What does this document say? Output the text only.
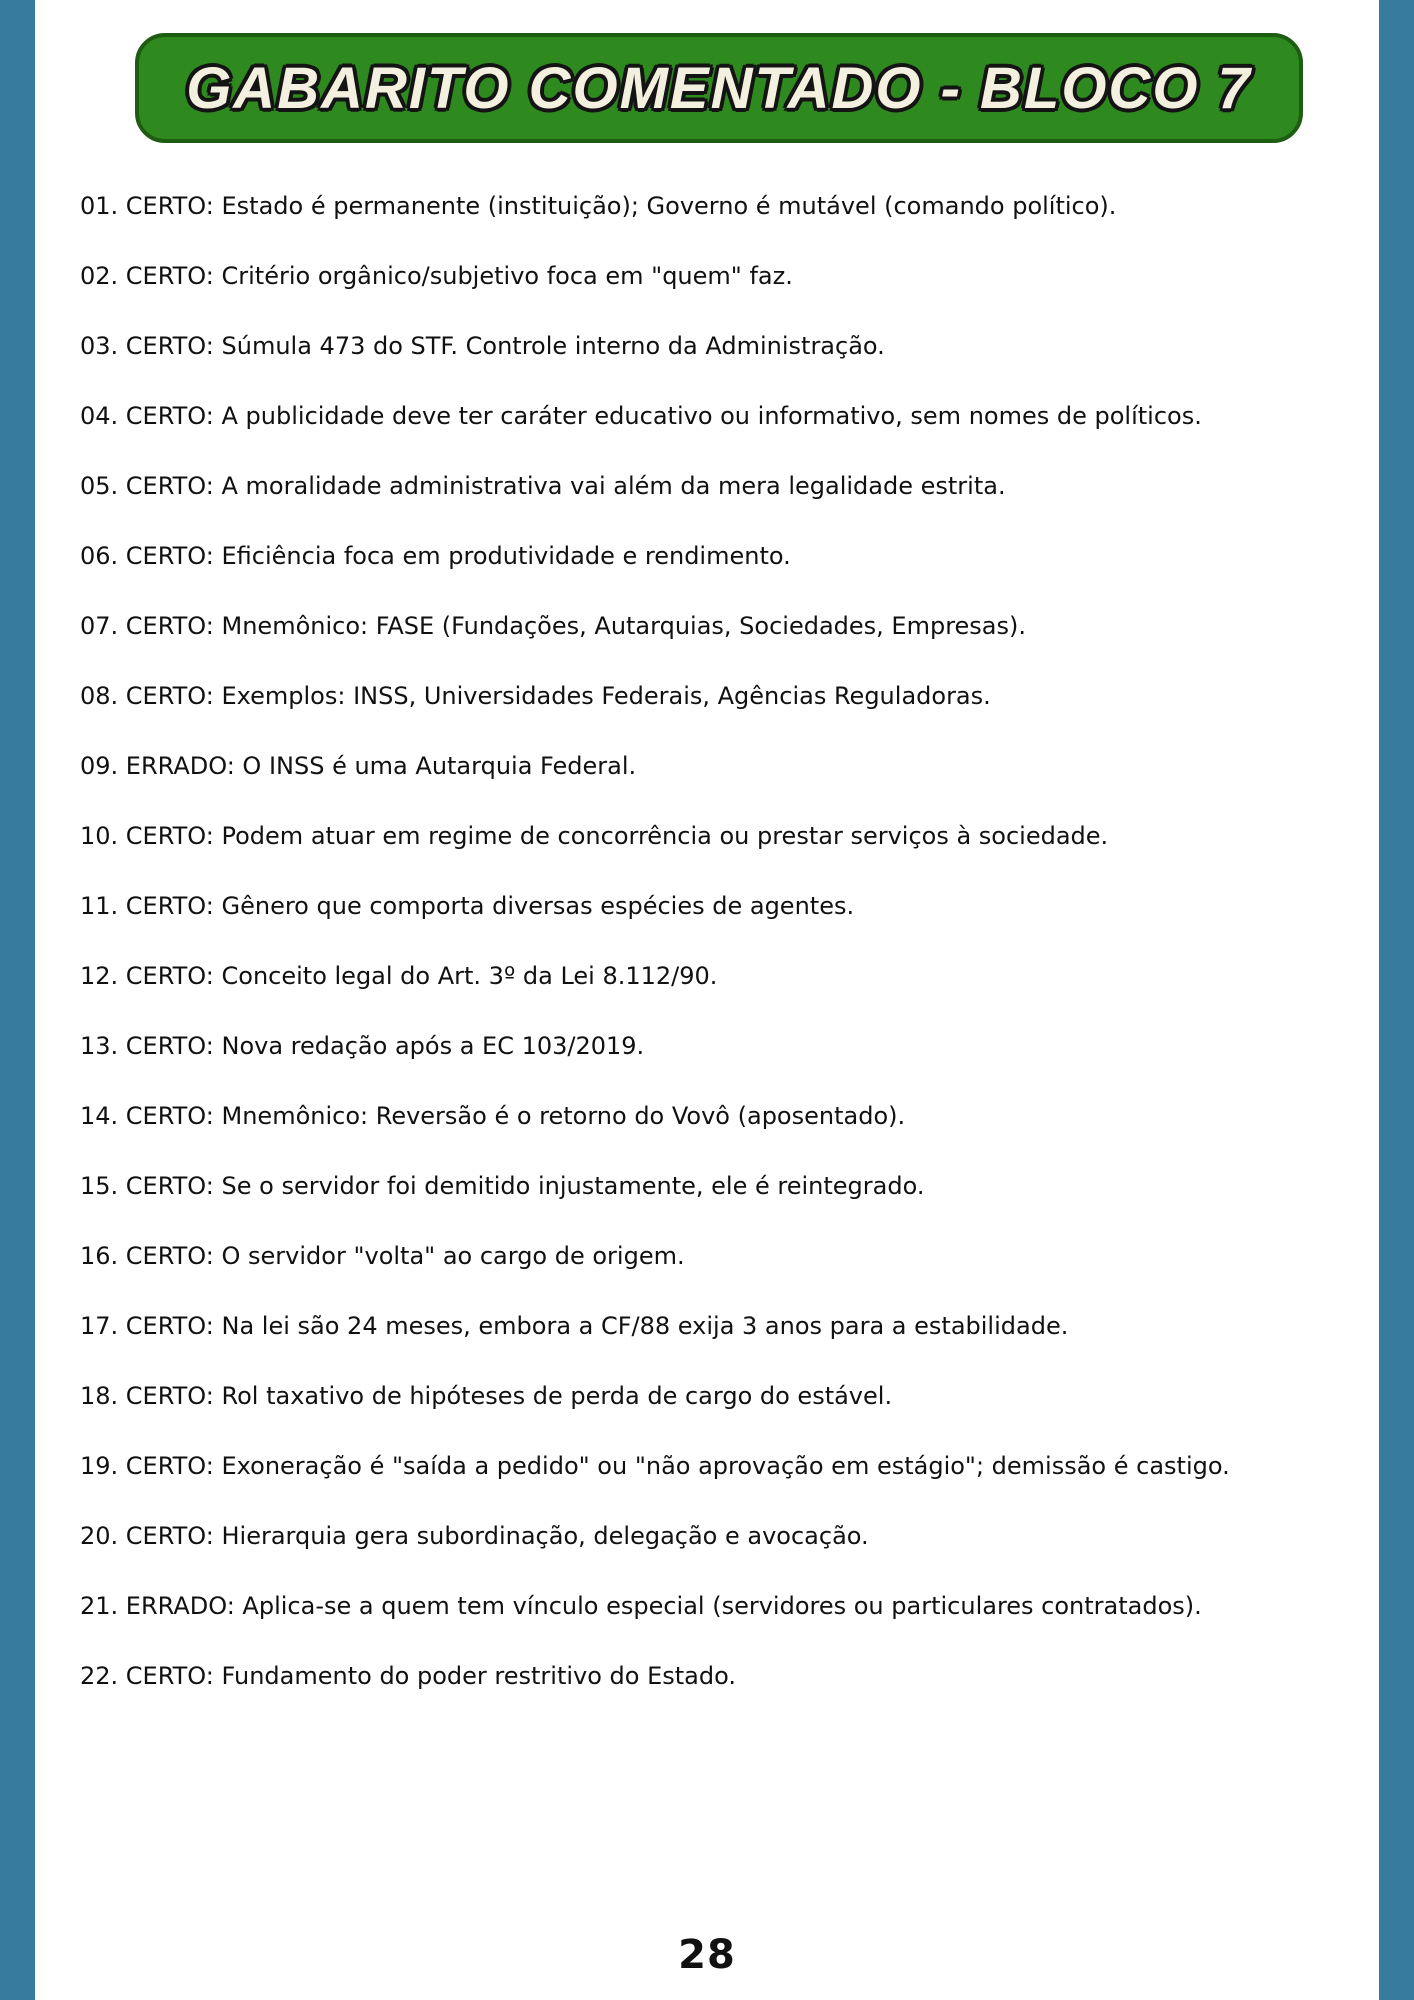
GABARITO COMENTADO - BLOCO 7

01. CERTO: Estado é permanente (instituição); Governo é mutável (comando político).

02. CERTO: Critério orgânico/subjetivo foca em "quem" faz.

03. CERTO: Súmula 473 do STF. Controle interno da Administração.

04. CERTO: A publicidade deve ter caráter educativo ou informativo, sem nomes de políticos.

05. CERTO: A moralidade administrativa vai além da mera legalidade estrita.

06. CERTO: Eficiência foca em produtividade e rendimento.

07. CERTO: Mnemônico: FASE (Fundações, Autarquias, Sociedades, Empresas).

08. CERTO: Exemplos: INSS, Universidades Federais, Agências Reguladoras.

09. ERRADO: O INSS é uma Autarquia Federal.

10. CERTO: Podem atuar em regime de concorrência ou prestar serviços à sociedade.

11. CERTO: Gênero que comporta diversas espécies de agentes.

12. CERTO: Conceito legal do Art. 3º da Lei 8.112/90.

13. CERTO: Nova redação após a EC 103/2019.

14. CERTO: Mnemônico: Reversão é o retorno do Vovô (aposentado).

15. CERTO: Se o servidor foi demitido injustamente, ele é reintegrado.

16. CERTO: O servidor "volta" ao cargo de origem.

17. CERTO: Na lei são 24 meses, embora a CF/88 exija 3 anos para a estabilidade.

18. CERTO: Rol taxativo de hipóteses de perda de cargo do estável.

19. CERTO: Exoneração é "saída a pedido" ou "não aprovação em estágio"; demissão é castigo.

20. CERTO: Hierarquia gera subordinação, delegação e avocação.

21. ERRADO: Aplica-se a quem tem vínculo especial (servidores ou particulares contratados).

22. CERTO: Fundamento do poder restritivo do Estado.

28
